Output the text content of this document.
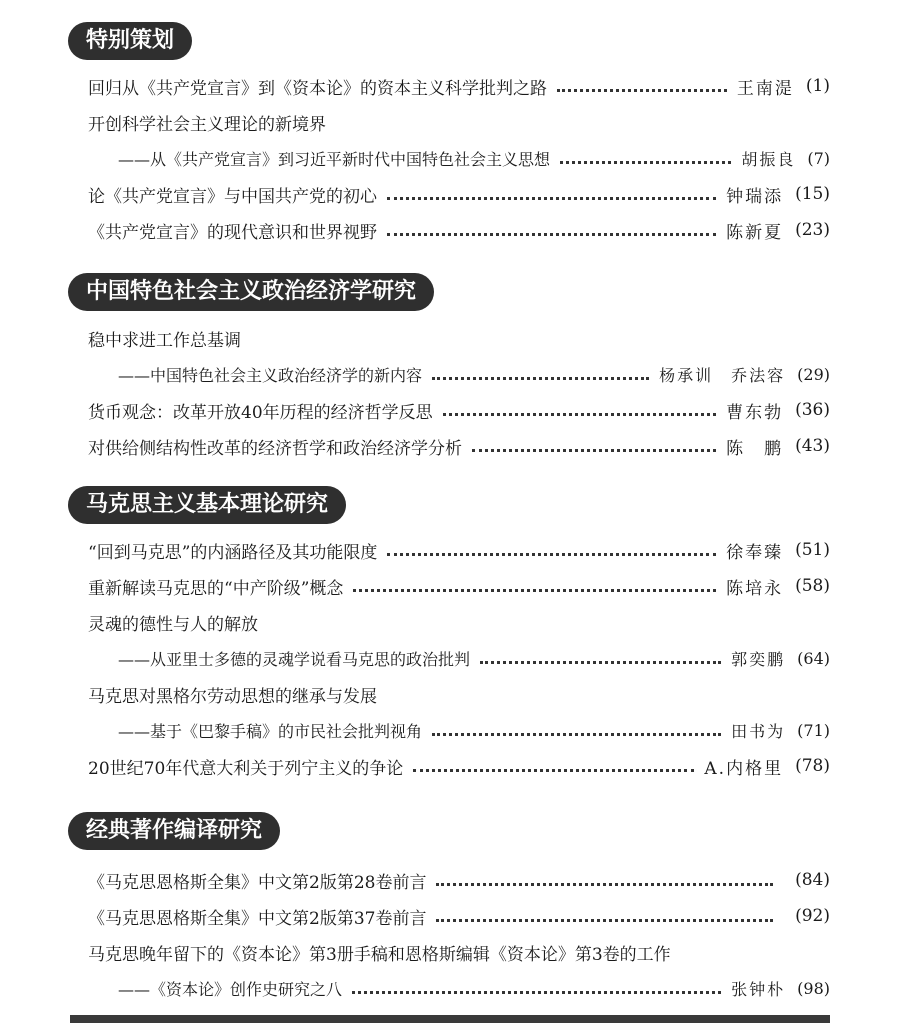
特别策划
回归从《共产党宣言》到《资本论》的资本主义科学批判之路	王南湜 (1)
开创科学社会主义理论的新境界
——从《共产党宣言》到习近平新时代中国特色社会主义思想	胡振良 (7)
论《共产党宣言》与中国共产党的初心	钟瑞添 (15)
《共产党宣言》的现代意识和世界视野	陈新夏 (23)
中国特色社会主义政治经济学研究
稳中求进工作总基调
——中国特色社会主义政治经济学的新内容	杨承训　乔法容 (29)
货币观念：改革开放40年历程的经济哲学反思	曹东勃 (36)
对供给侧结构性改革的经济哲学和政治经济学分析	陈　鹏 (43)
马克思主义基本理论研究
“回到马克思”的内涵路径及其功能限度	徐奉臻 (51)
重新解读马克思的“中产阶级”概念	陈培永 (58)
灵魂的德性与人的解放
——从亚里士多德的灵魂学说看马克思的政治批判	郭奕鹏 (64)
马克思对黑格尔劳动思想的继承与发展
——基于《巴黎手稿》的市民社会批判视角	田书为 (71)
20世纪70年代意大利关于列宁主义的争论	A.内格里 (78)
经典著作编译研究
《马克思恩格斯全集》中文第2版第28卷前言	(84)
《马克思恩格斯全集》中文第2版第37卷前言	(92)
马克思晚年留下的《资本论》第3册手稿和恩格斯编辑《资本论》第3卷的工作
——《资本论》创作史研究之八	张钟朴 (98)
